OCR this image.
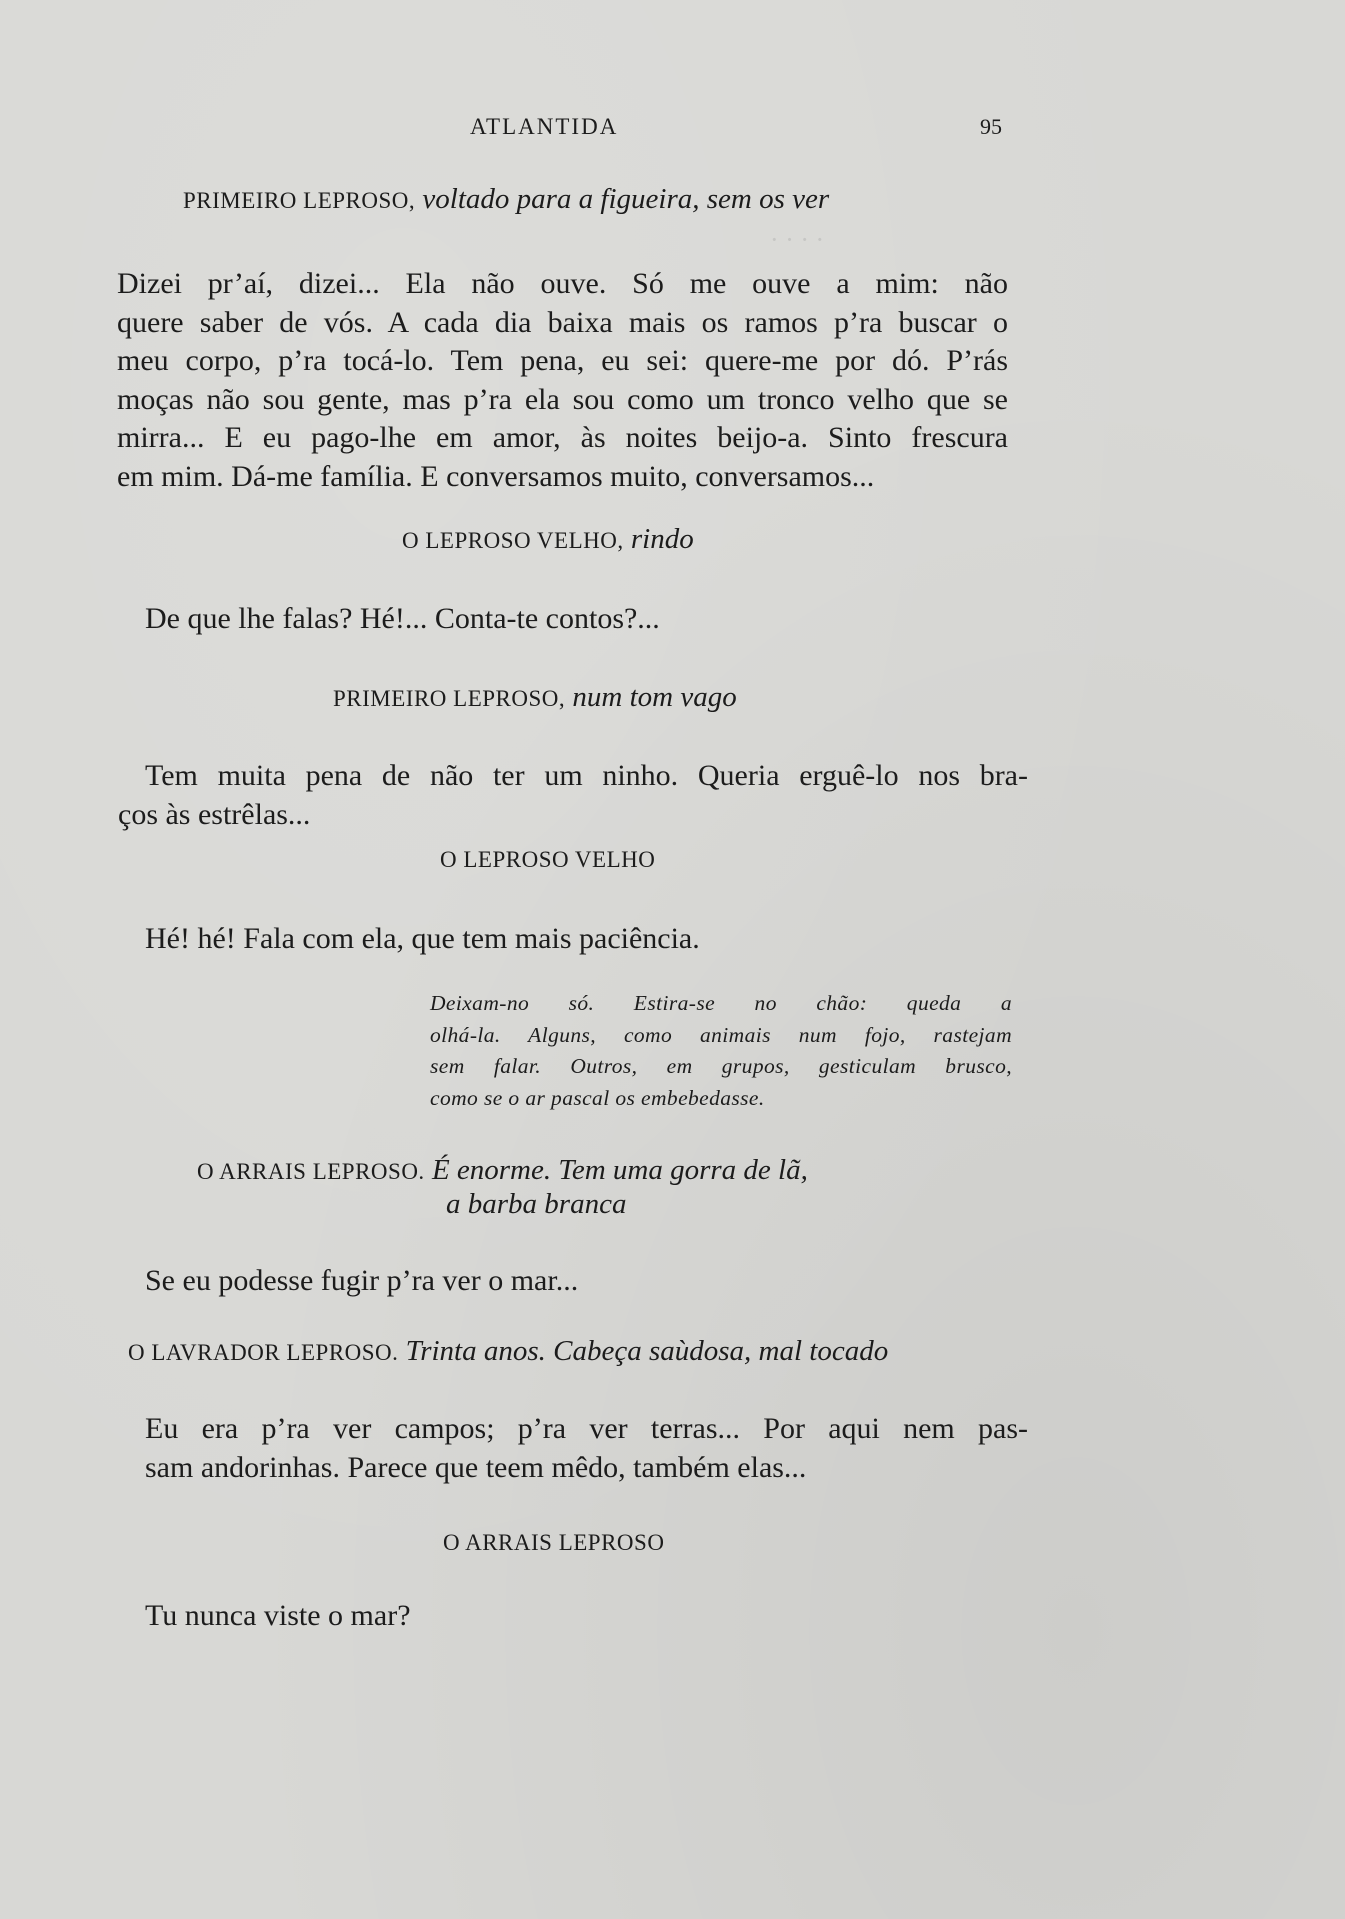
· · · ·
ATLANTIDA	95
PRIMEIRO LEPROSO, voltado para a figueira, sem os ver
Dizei pr’aí, dizei... Ela não ouve. Só me ouve a mim: não
quere saber de vós. A cada dia baixa mais os ramos p’ra buscar o
meu corpo, p’ra tocá-lo. Tem pena, eu sei: quere-me por dó. P’rás
moças não sou gente, mas p’ra ela sou como um tronco velho que se
mirra... E eu pago-lhe em amor, às noites beijo-a. Sinto frescura
em mim. Dá-me família. E conversamos muito, conversamos...
O LEPROSO VELHO, rindo
De que lhe falas? Hé!... Conta-te contos?...
PRIMEIRO LEPROSO, num tom vago
Tem muita pena de não ter um ninho. Queria erguê-lo nos bra-
ços às estrêlas...
O LEPROSO VELHO
Hé! hé! Fala com ela, que tem mais paciência.
Deixam-no só. Estira-se no chão: queda a
olhá-la. Alguns, como animais num fojo, rastejam
sem falar. Outros, em grupos, gesticulam brusco,
como se o ar pascal os embebedasse.
O ARRAIS LEPROSO. É enorme. Tem uma gorra de lã,
a barba branca
Se eu podesse fugir p’ra ver o mar...
O LAVRADOR LEPROSO. Trinta anos. Cabeça saùdosa, mal tocado
Eu era p’ra ver campos; p’ra ver terras... Por aqui nem pas-
sam andorinhas. Parece que teem mêdo, também elas...
O ARRAIS LEPROSO
Tu nunca viste o mar?
